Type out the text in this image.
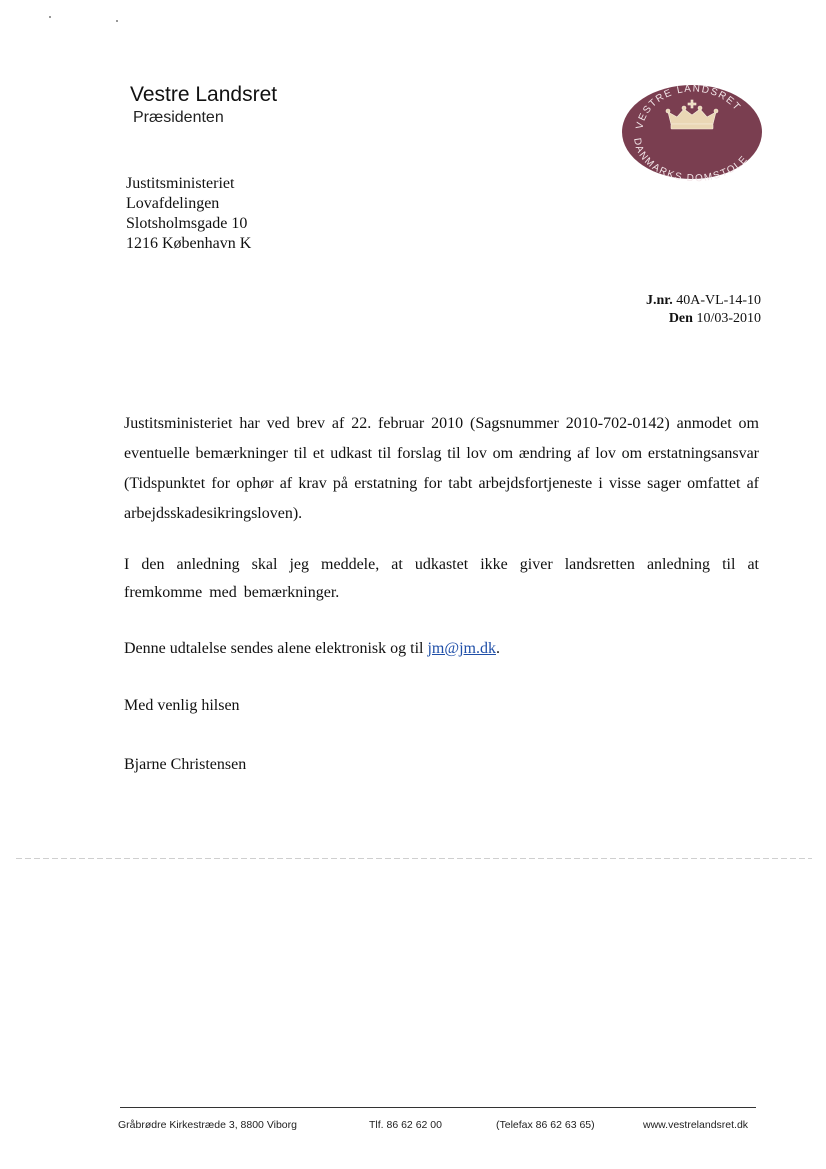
Vestre Landsret
Præsidenten	VESTRE LANDSRET
DANMARKS DOMSTOLE
Justitsministeriet
Lovafdelingen
Slotsholmsgade 10
1216 København K
J.nr. 40A-VL-14-10
Den 10/03-2010
Justitsministeriet har ved brev af 22. februar 2010 (Sagsnummer 2010-702-0142) anmodet om eventuelle bemærkninger til et udkast til forslag til lov om ændring af lov om erstatningsansvar (Tidspunktet for ophør af krav på erstatning for tabt arbejdsfortjeneste i visse sager omfattet af arbejdsskadesikringsloven).
I den anledning skal jeg meddele, at udkastet ikke giver landsretten anledning til at fremkomme med bemærkninger.
Denne udtalelse sendes alene elektronisk og til jm@jm.dk.
Med venlig hilsen
Bjarne Christensen
Gråbrødre Kirkestræde 3, 8800 Viborg	Tlf. 86 62 62 00	(Telefax 86 62 63 65)	www.vestrelandsret.dk
